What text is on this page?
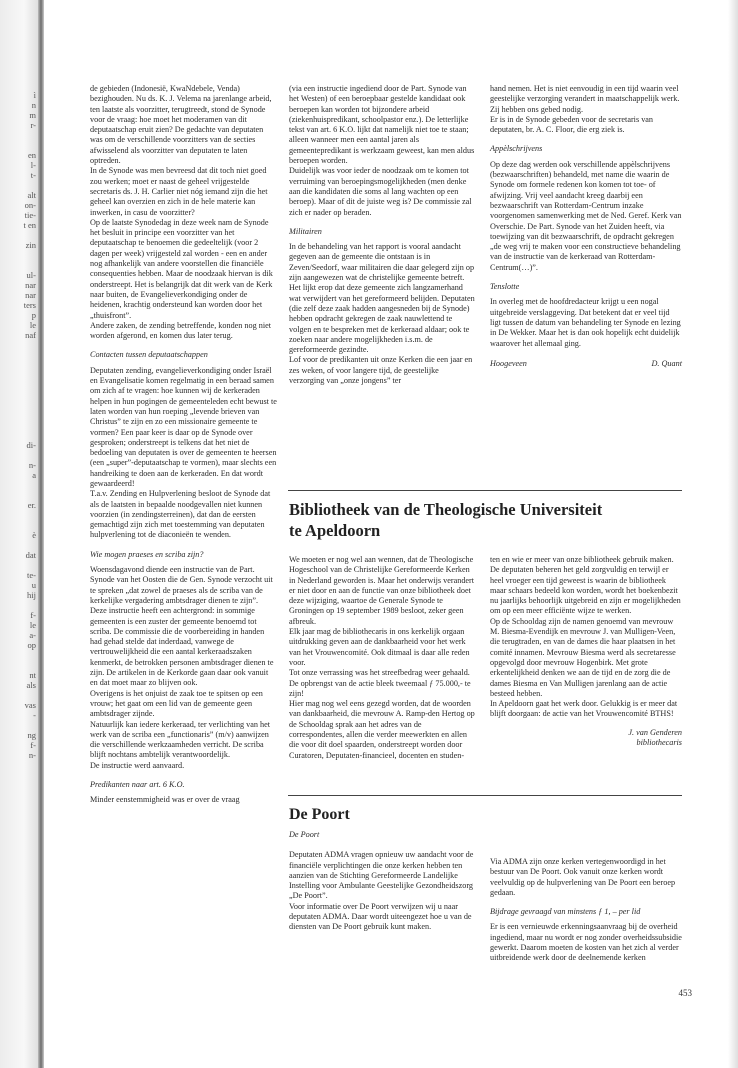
ì
n
m
r-

en
l-
t-

alt
on-
tie-
t en

zin

ul-
nar
nar
ters
p
le
naf

di-

n-
a

er.

è

dat

te-
u
hij

f-
le
a-
op

nt
als

vas
-

ng
f-
n-

de gebieden (Indonesië, KwaNdebele, Venda) bezighouden. Nu ds. K. J. Velema na jarenlange arbeid, ten laatste als voorzitter, terugtreedt, stond de Synode voor de vraag: hoe moet het moderamen van dit deputaatschap eruit zien? De gedachte van deputaten was om de verschillende voorzitters van de secties afwisselend als voorzitter van deputaten te laten optreden.

In de Synode was men bevreesd dat dit toch niet goed zou werken; moet er naast de geheel vrijgestelde secretaris ds. J. H. Carlier niet nóg iemand zijn die het geheel kan overzien en zich in de hele materie kan inwerken, in casu de voorzitter?

Op de laatste Synodedag in deze week nam de Synode het besluit in principe een voorzitter van het deputaatschap te benoemen die gedeeltelijk (voor 2 dagen per week) vrijgesteld zal worden - een en ander nog afhankelijk van andere voorstellen die financiële consequenties hebben. Maar de noodzaak hiervan is dik onderstreept. Het is belangrijk dat dit werk van de Kerk naar buiten, de Evangelieverkondiging onder de heidenen, krachtig ondersteund kan worden door het „thuisfront”.

Andere zaken, de zending betreffende, konden nog niet worden afgerond, en komen dus later terug.

Contacten tussen deputaatschappen

Deputaten zending, evangelieverkondiging onder Israël en Evangelisatie komen regelmatig in een beraad samen om zich af te vragen: hoe kunnen wij de kerkeraden helpen in hun pogingen de gemeenteleden echt bewust te laten worden van hun roeping „levende brieven van Christus” te zijn en zo een missionaire gemeente te vormen? Een paar keer is daar op de Synode over gesproken; onderstreept is telkens dat het niet de bedoeling van deputaten is over de gemeenten te heersen (een „super”-deputaatschap te vormen), maar slechts een handreiking te doen aan de kerkeraden. En dat wordt gewaardeerd!

T.a.v. Zending en Hulpverlening besloot de Synode dat als de laatsten in bepaalde noodgevallen niet kunnen voorzien (in zendingsterreinen), dat dan de eersten gemachtigd zijn zich met toestemming van deputaten hulpverlening tot de diaconieën te wenden.

Wie mogen praeses en scriba zijn?

Woensdagavond diende een instructie van de Part. Synode van het Oosten die de Gen. Synode verzocht uit te spreken „dat zowel de praeses als de scriba van de kerkelijke vergadering ambtsdrager dienen te zijn”.

Deze instructie heeft een achtergrond: in sommige gemeenten is een zuster der gemeente benoemd tot scriba. De commissie die de voorbereiding in handen had gehad stelde dat inderdaad, vanwege de vertrouwelijkheid die een aantal kerkeraadszaken kenmerkt, de betrokken personen ambtsdrager dienen te zijn. De artikelen in de Kerkorde gaan daar ook vanuit en dat moet maar zo blijven ook.

Overigens is het onjuist de zaak toe te spitsen op een vrouw; het gaat om een lid van de gemeente geen ambtsdrager zijnde.

Natuurlijk kan iedere kerkeraad, ter verlichting van het werk van de scriba een „functionaris” (m/v) aanwijzen die verschillende werkzaamheden verricht. De scriba blijft nochtans ambtelijk verantwoordelijk.

De instructie werd aanvaard.

Predikanten naar art. 6 K.O.

Minder eenstemmigheid was er over de vraag

(via een instructie ingediend door de Part. Synode van het Westen) of een beroepbaar gestelde kandidaat ook beroepen kan worden tot bijzondere arbeid (ziekenhuispredikant, schoolpastor enz.). De letterlijke tekst van art. 6 K.O. lijkt dat namelijk niet toe te staan; alleen wanneer men een aantal jaren als gemeentepredikant is werkzaam geweest, kan men aldus beroepen worden.

Duidelijk was voor ieder de noodzaak om te komen tot verruiming van beroepingsmogelijkheden (men denke aan die kandidaten die soms al lang wachten op een beroep). Maar of dit de juiste weg is? De commissie zal zich er nader op beraden.

Militairen

In de behandeling van het rapport is vooral aandacht gegeven aan de gemeente die ontstaan is in Zeven/Seedorf, waar militairen die daar gelegerd zijn op zijn aangewezen wat de christelijke gemeente betreft. Het lijkt erop dat deze gemeente zich langzamerhand wat verwijdert van het gereformeerd belijden. Deputaten (die zelf deze zaak hadden aangesneden bij de Synode) hebben opdracht gekregen de zaak nauwlettend te volgen en te bespreken met de kerkeraad aldaar; ook te zoeken naar andere mogelijkheden i.s.m. de gereformeerde gezindte.

Lof voor de predikanten uit onze Kerken die een jaar en zes weken, of voor langere tijd, de geestelijke verzorging van „onze jongens” ter

hand nemen. Het is niet eenvoudig in een tijd waarin veel geestelijke verzorging verandert in maatschappelijk werk.

Zij hebben ons gebed nodig.

Er is in de Synode gebeden voor de secretaris van deputaten, br. A. C. Floor, die erg ziek is.

Appèlschrijvens

Op deze dag werden ook verschillende appèlschrijvens (bezwaarschriften) behandeld, met name die waarin de Synode om formele redenen kon komen tot toe- of afwijzing. Vrij veel aandacht kreeg daarbij een bezwaarschrift van Rotterdam-Centrum inzake voorgenomen samenwerking met de Ned. Geref. Kerk van Overschie. De Part. Synode van het Zuiden heeft, via toewijzing van dit bezwaarschrift, de opdracht gekregen „de weg vrij te maken voor een constructieve behandeling van de instructie van de kerkeraad van Rotterdam-Centrum(…)”.

Tenslotte

In overleg met de hoofdredacteur krijgt u een nogal uitgebreide verslaggeving. Dat betekent dat er veel tijd ligt tussen de datum van behandeling ter Synode en lezing in De Wekker. Maar het is dan ook hopelijk echt duidelijk waarover het allemaal ging.

Hoogeveen	D. Quant
Bibliotheek van de Theologische Universiteit
te Apeldoorn

We moeten er nog wel aan wennen, dat de Theologische Hogeschool van de Christelijke Gereformeerde Kerken in Nederland geworden is. Maar het onderwijs verandert er niet door en aan de functie van onze bibliotheek doet deze wijziging, waartoe de Generale Synode te Groningen op 19 september 1989 besloot, zeker geen afbreuk.

Elk jaar mag de bibliothecaris in ons kerkelijk orgaan uitdrukking geven aan de dankbaarheid voor het werk van het Vrouwencomité. Ook ditmaal is daar alle reden voor.

Tot onze verrassing was het streefbedrag weer gehaald. De opbrengst van de actie bleek tweemaal ƒ 75.000,- te zijn!

Hier mag nog wel eens gezegd worden, dat de woorden van dankbaarheid, die mevrouw A. Ramp-den Hertog op de Schooldag sprak aan het adres van de correspondentes, allen die verder meewerkten en allen die voor dit doel spaarden, onderstreept worden door Curatoren, Deputaten-financieel, docenten en studen-

ten en wie er meer van onze bibliotheek gebruik maken.

De deputaten beheren het geld zorgvuldig en terwijl er heel vroeger een tijd geweest is waarin de bibliotheek maar schaars bedeeld kon worden, wordt het boekenbezit nu jaarlijks behoorlijk uitgebreid en zijn er mogelijkheden om op een meer efficiënte wijze te werken.

Op de Schooldag zijn de namen genoemd van mevrouw M. Biesma-Evendijk en mevrouw J. van Mulligen-Veen, die terugtraden, en van de dames die haar plaatsen in het comité innamen. Mevrouw Biesma werd als secretaresse opgevolgd door mevrouw Hogenbirk. Met grote erkentelijkheid denken we aan de tijd en de zorg die de dames Biesma en Van Mulligen jarenlang aan de actie besteed hebben.

In Apeldoorn gaat het werk door. Gelukkig is er meer dat blijft doorgaan: de actie van het Vrouwencomité BTHS!

J. van Genderen
bibliothecaris
De Poort
De Poort

Deputaten ADMA vragen opnieuw uw aandacht voor de financiële verplichtingen die onze kerken hebben ten aanzien van de Stichting Gereformeerde Landelijke Instelling voor Ambulante Geestelijke Gezondheidszorg „De Poort”.

Voor informatie over De Poort verwijzen wij u naar deputaten ADMA. Daar wordt uiteengezet hoe u van de diensten van De Poort gebruik kunt maken.

Via ADMA zijn onze kerken vertegenwoordigd in het bestuur van De Poort. Ook vanuit onze kerken wordt veelvuldig op de hulpverlening van De Poort een beroep gedaan.

Bijdrage gevraagd van minstens ƒ 1, – per lid

Er is een vernieuwde erkenningsaanvraag bij de overheid ingediend, maar nu wordt er nog zonder overheidssubsidie gewerkt. Daarom moeten de kosten van het zich al verder uitbreidende werk door de deelnemende kerken

453
